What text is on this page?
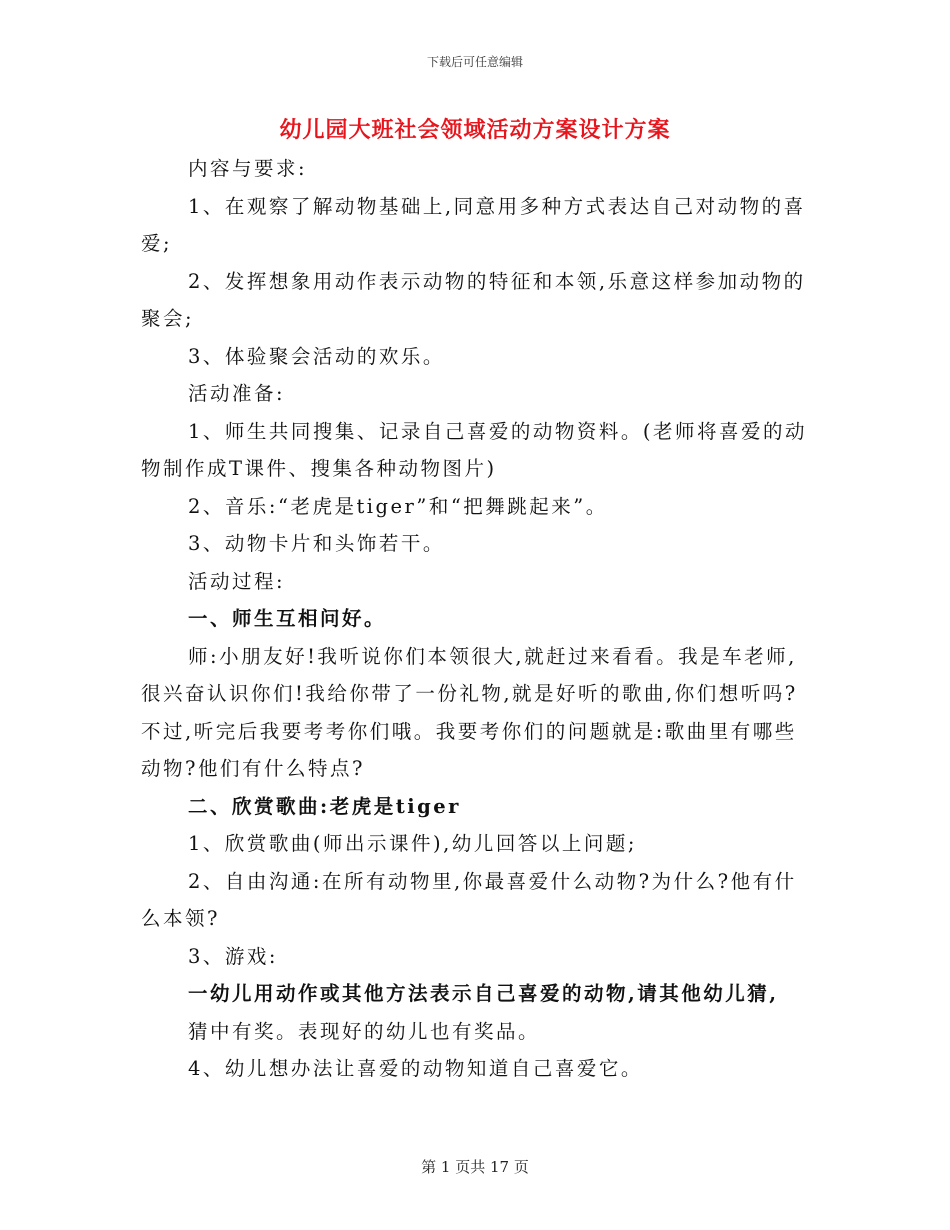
下载后可任意编辑
幼儿园大班社会领域活动方案设计方案

内容与要求:

1、在观察了解动物基础上,同意用多种方式表达自己对动物的喜爱;

2、发挥想象用动作表示动物的特征和本领,乐意这样参加动物的聚会;

3、体验聚会活动的欢乐。

活动准备:

1、师生共同搜集、记录自己喜爱的动物资料。(老师将喜爱的动物制作成T课件、搜集各种动物图片)

2、音乐:“老虎是tiger”和“把舞跳起来”。

3、动物卡片和头饰若干。

活动过程:

一、师生互相问好。

师:小朋友好!我听说你们本领很大,就赶过来看看。我是车老师,很兴奋认识你们!我给你带了一份礼物,就是好听的歌曲,你们想听吗?不过,听完后我要考考你们哦。我要考你们的问题就是:歌曲里有哪些动物?他们有什么特点?

二、欣赏歌曲:老虎是tiger

1、欣赏歌曲(师出示课件),幼儿回答以上问题;

2、自由沟通:在所有动物里,你最喜爱什么动物?为什么?他有什么本领?

3、游戏:

一幼儿用动作或其他方法表示自己喜爱的动物,请其他幼儿猜,

猜中有奖。表现好的幼儿也有奖品。

4、幼儿想办法让喜爱的动物知道自己喜爱它。

第 1 页共 17 页
